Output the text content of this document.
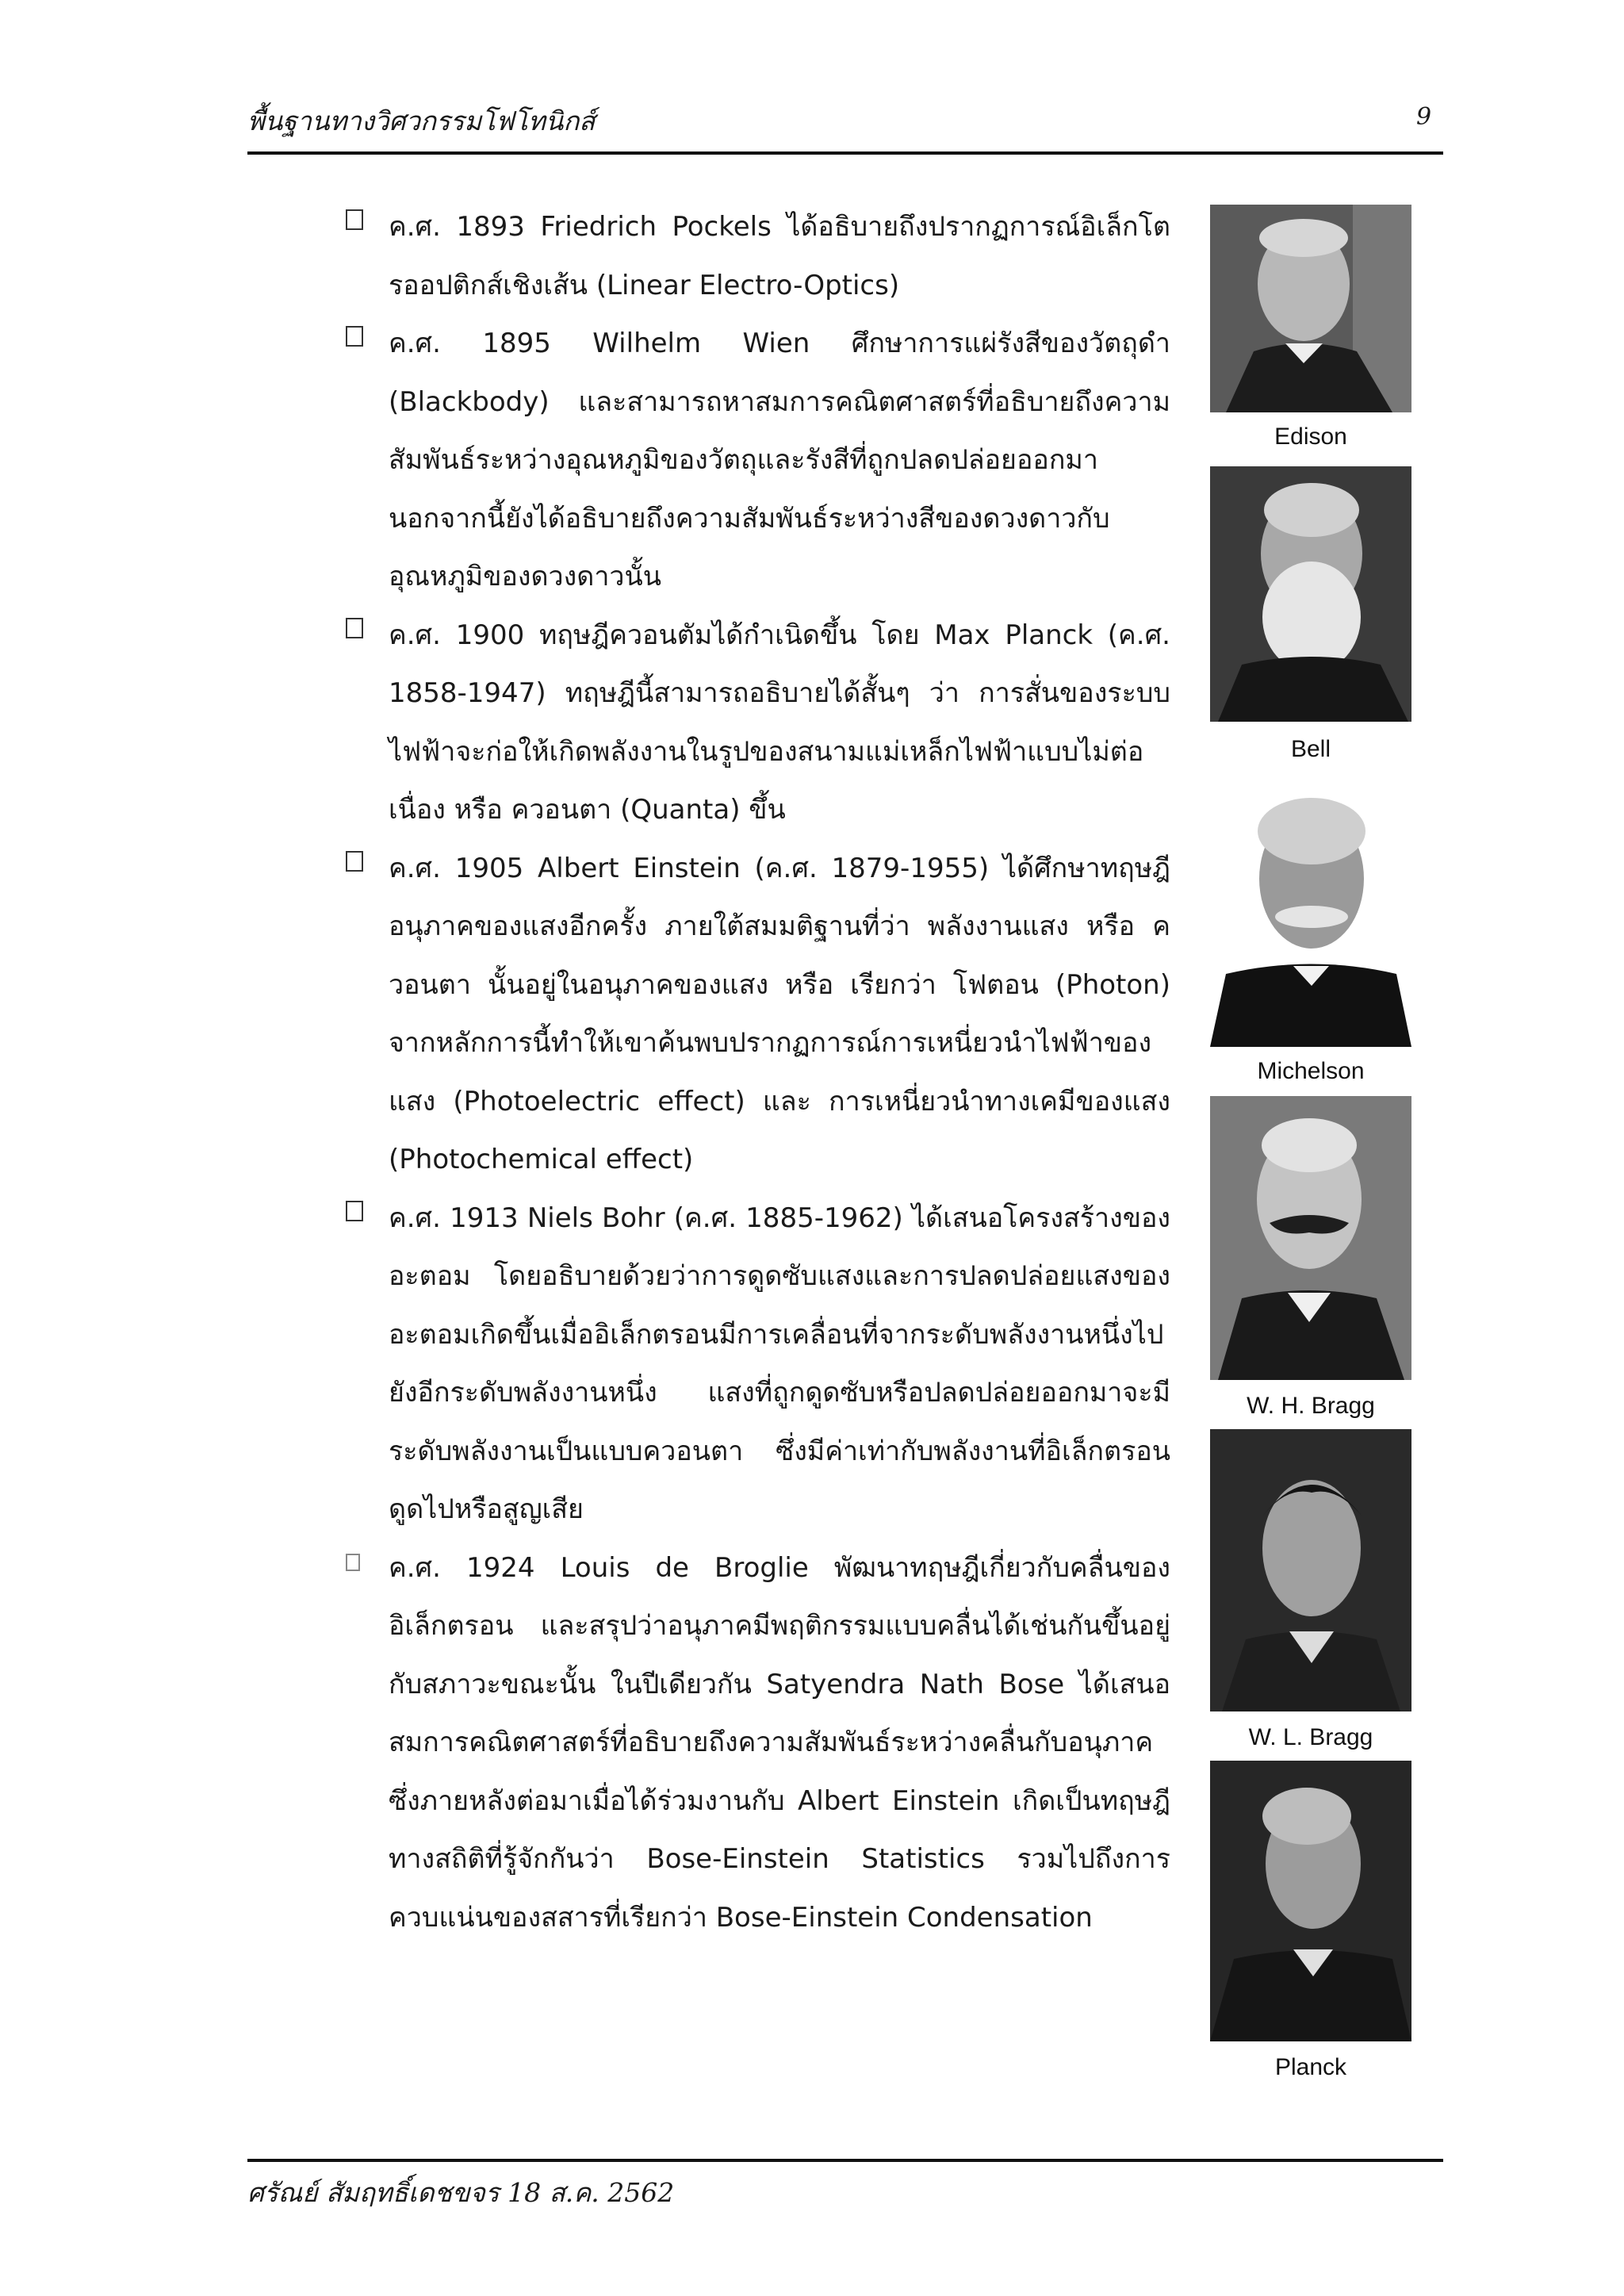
พื้นฐานทางวิศวกรรมโฟโทนิกส์	9
ค.ศ. 1893 Friedrich Pockels ได้อธิบายถึงปรากฏการณ์อิเล็กโตรออปติกส์เชิงเส้น (Linear Electro-Optics)
ค.ศ. 1895 Wilhelm Wien ศึกษาการแผ่รังสีของวัตถุดำ (Blackbody) และสามารถหาสมการคณิตศาสตร์ที่อธิบายถึงความสัมพันธ์ระหว่างอุณหภูมิของวัตถุและรังสีที่ถูกปลดปล่อยออกมา นอกจากนี้ยังได้อธิบายถึงความสัมพันธ์ระหว่างสีของดวงดาวกับอุณหภูมิของดวงดาวนั้น
ค.ศ. 1900 ทฤษฎีควอนตัมได้กำเนิดขึ้น โดย Max Planck (ค.ศ. 1858-1947) ทฤษฎีนี้สามารถอธิบายได้สั้นๆ ว่า การสั่นของระบบไฟฟ้าจะก่อให้เกิดพลังงานในรูปของสนามแม่เหล็กไฟฟ้าแบบไม่ต่อเนื่อง หรือ ควอนตา (Quanta) ขึ้น
ค.ศ. 1905 Albert Einstein (ค.ศ. 1879-1955) ได้ศึกษาทฤษฎีอนุภาคของแสงอีกครั้ง ภายใต้สมมติฐานที่ว่า พลังงานแสง หรือ ควอนตา นั้นอยู่ในอนุภาคของแสง หรือ เรียกว่า โฟตอน (Photon) จากหลักการนี้ทำให้เขาค้นพบปรากฏการณ์การเหนี่ยวนำไฟฟ้าของแสง (Photoelectric effect) และ การเหนี่ยวนำทางเคมีของแสง (Photochemical effect)
ค.ศ. 1913 Niels Bohr (ค.ศ. 1885-1962) ได้เสนอโครงสร้างของอะตอม โดยอธิบายด้วยว่าการดูดซับแสงและการปลดปล่อยแสงของอะตอมเกิดขึ้นเมื่ออิเล็กตรอนมีการเคลื่อนที่จากระดับพลังงานหนึ่งไปยังอีกระดับพลังงานหนึ่ง แสงที่ถูกดูดซับหรือปลดปล่อยออกมาจะมีระดับพลังงานเป็นแบบควอนตา ซึ่งมีค่าเท่ากับพลังงานที่อิเล็กตรอนดูดไปหรือสูญเสีย
ค.ศ. 1924 Louis de Broglie พัฒนาทฤษฎีเกี่ยวกับคลื่นของอิเล็กตรอน และสรุปว่าอนุภาคมีพฤติกรรมแบบคลื่นได้เช่นกันขึ้นอยู่กับสภาวะขณะนั้น ในปีเดียวกัน Satyendra Nath Bose ได้เสนอสมการคณิตศาสตร์ที่อธิบายถึงความสัมพันธ์ระหว่างคลื่นกับอนุภาค ซึ่งภายหลังต่อมาเมื่อได้ร่วมงานกับ Albert Einstein เกิดเป็นทฤษฎีทางสถิติที่รู้จักกันว่า Bose-Einstein Statistics รวมไปถึงการควบแน่นของสสารที่เรียกว่า Bose-Einstein Condensation
Edison
Bell
Michelson
W. H. Bragg
W. L. Bragg
Planck
ศรัณย์ สัมฤทธิ์เดชขจร 18 ส.ค. 2562
